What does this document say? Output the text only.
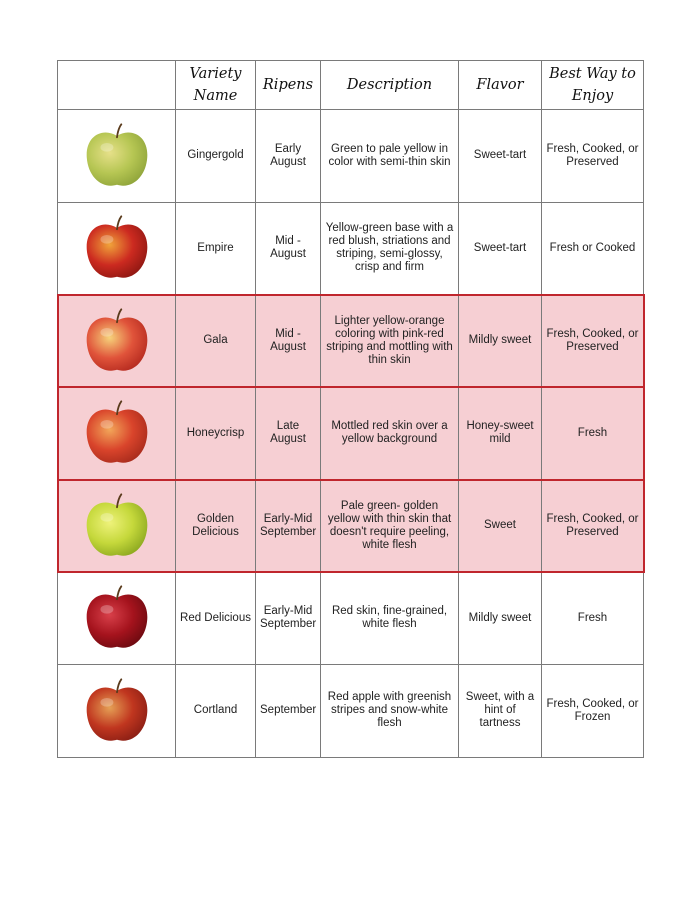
	Variety Name	Ripens	Description	Flavor	Best Way to Enjoy

	Gingergold	Early August	Green to pale yellow in color with semi-thin skin	Sweet-tart	Fresh, Cooked, or Preserved

	Empire	Mid - August	Yellow-green base with a red blush, striations and striping, semi-glossy, crisp and firm	Sweet-tart	Fresh or Cooked

	Gala	Mid - August	Lighter yellow-orange coloring with pink-red striping and mottling with thin skin	Mildly sweet	Fresh, Cooked, or Preserved

	Honeycrisp	Late August	Mottled red skin over a yellow background	Honey-sweet mild	Fresh

	Golden Delicious	Early-Mid September	Pale green- golden yellow with thin skin that doesn't require peeling, white flesh	Sweet	Fresh, Cooked, or Preserved

	Red Delicious	Early-Mid September	Red skin, fine-grained, white flesh	Mildly sweet	Fresh

	Cortland	September	Red apple with greenish stripes and snow-white flesh	Sweet, with a hint of tartness	Fresh, Cooked, or Frozen
